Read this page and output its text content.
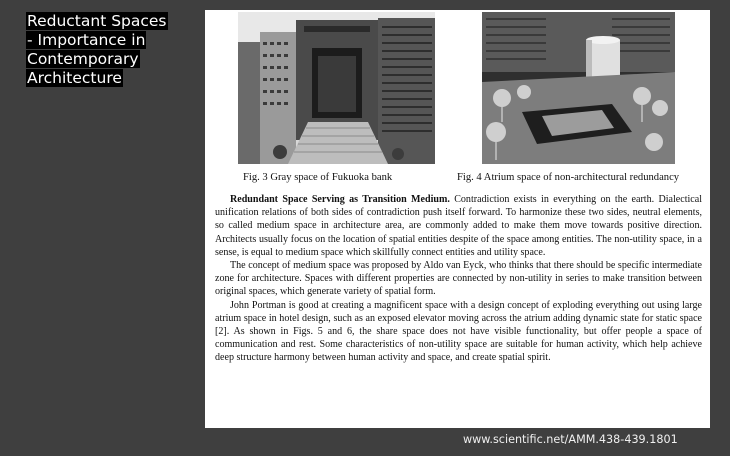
Reductant Spaces
- Importance in
Contemporary
Architecture
Fig. 3 Gray space of Fukuoka bank	Fig. 4 Atrium space of non-architectural redundancy

Redundant Space Serving as Transition Medium. Contradiction exists in everything on the earth. Dialectical unification relations of both sides of contradiction push itself forward. To harmonize these two sides, neutral elements, so called medium space in architecture area, are commonly added to make them move towards positive direction. Architects usually focus on the location of spatial entities despite of the space among entities. The non-utility space, in a sense, is equal to medium space which skillfully connect entities and utility space.

The concept of medium space was proposed by Aldo van Eyck, who thinks that there should be specific intermediate zone for architecture. Spaces with different properties are connected by non-utility in series to make transition between original spaces, which generate variety of spatial form.

John Portman is good at creating a magnificent space with a design concept of exploding everything out using large atrium space in hotel design, such as an exposed elevator moving across the atrium adding dynamic state for static space [2]. As shown in Figs. 5 and 6, the share space does not have visible functionality, but offer people a space of communication and rest. Some characteristics of non-utility space are suitable for human activity, which help achieve deep structure harmony between human activity and space, and create spatial spirit.

www.scientific.net/AMM.438-439.1801
